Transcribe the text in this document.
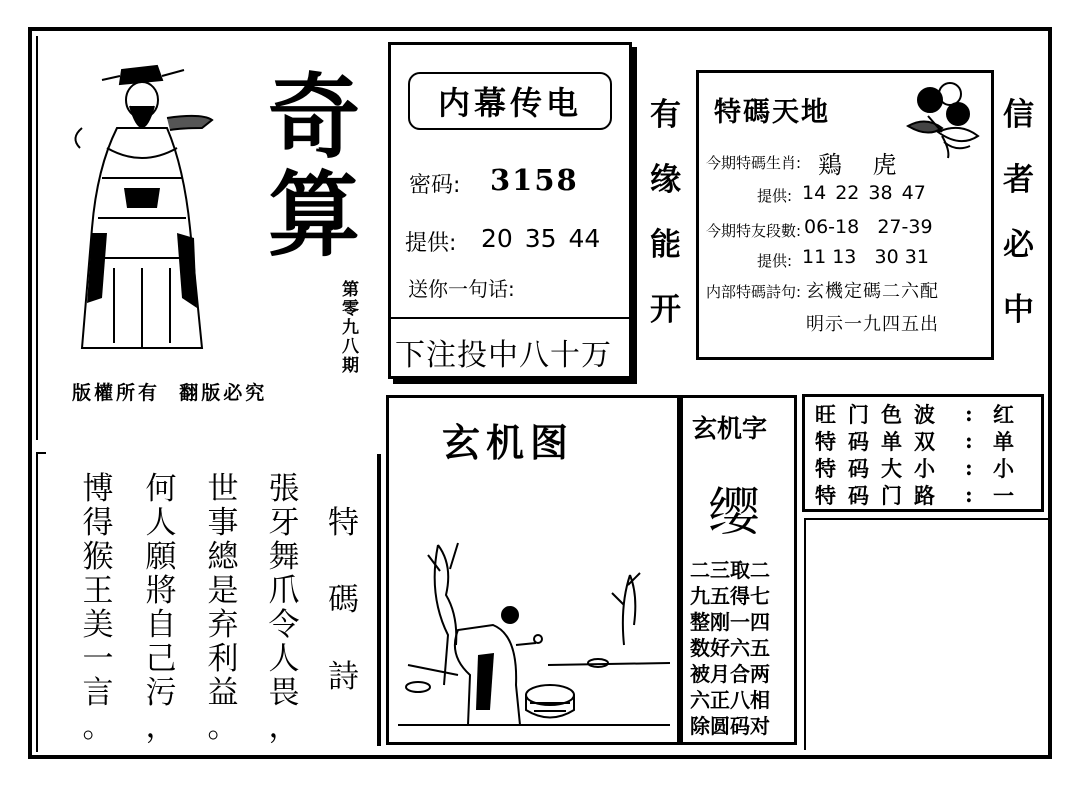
奇
算
第
零
九
八
期
版權所有  翻版必究
内幕传电
密码: 3158
提供: 20 35 44
送你一句话:
下注投中八十万
有
缘
能
开
信
者
必
中
特碼天地
今期特碼生肖: 鶏    虎
提供: 14 22 38 47
今期特友段數: 06-18   27-39
提供: 11 13   30 31
内部特碼詩句: 玄機定碼二六配
明示一九四五出
旺门色波 : 红
特码单双 : 单
特码大小 : 小
特码门路 : 一
玄机图	玄机字
缨
二三取二
九五得七
整刚一四
数好六五
被月合两
六正八相
除圆码对
特
碼
詩
張
牙
舞
爪
令
人
畏
，
世
事
總
是
弃
利
益
。
何
人
願
將
自
己
污
，
博
得
猴
王
美
一
言
。
